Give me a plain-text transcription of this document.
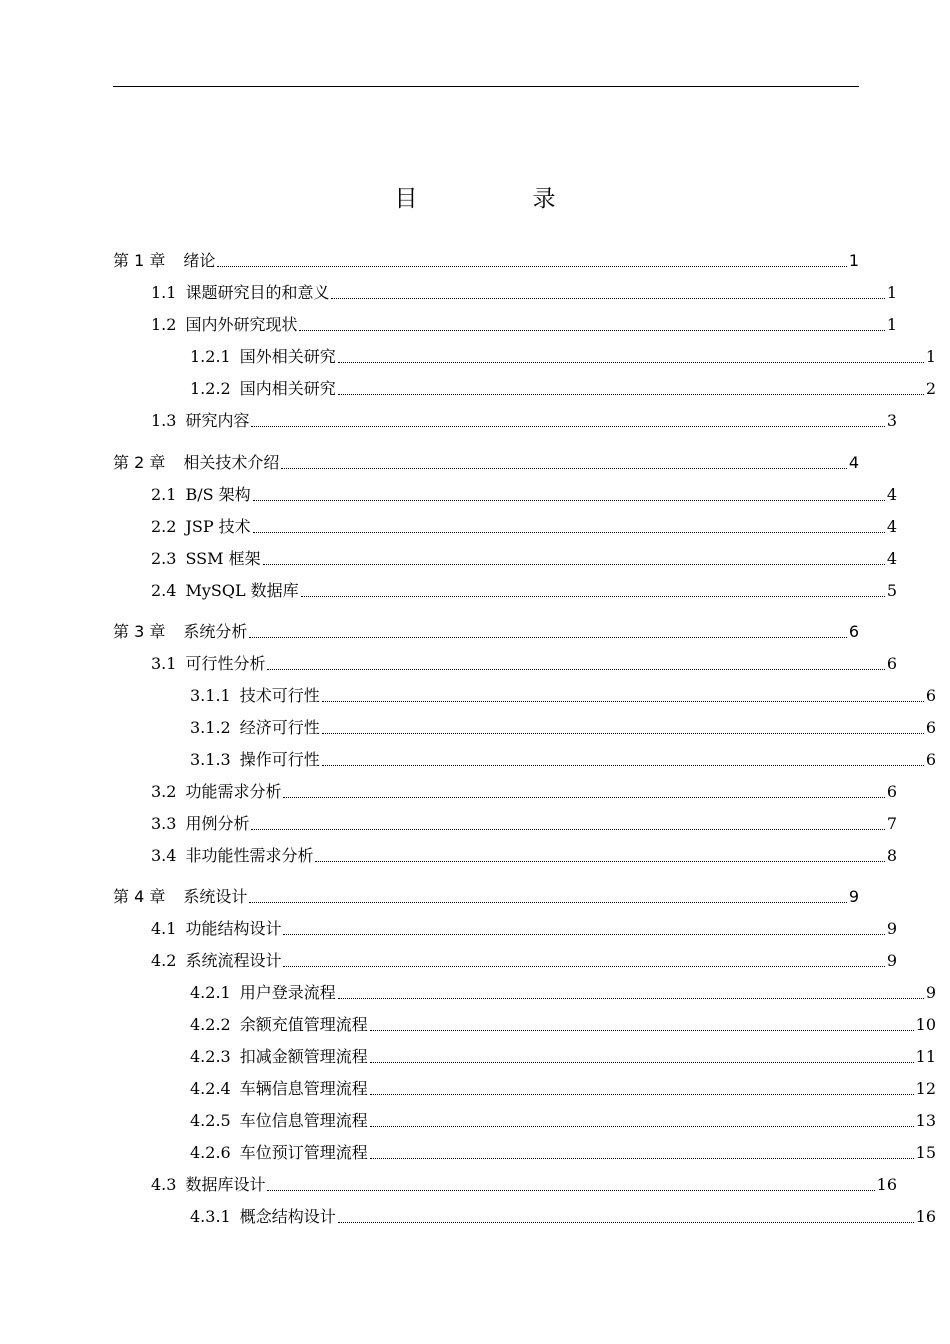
目　录
第 1 章 绪论	1
1.1 课题研究目的和意义	1
1.2 国内外研究现状	1
1.2.1 国外相关研究	1
1.2.2 国内相关研究	2
1.3 研究内容	3
第 2 章 相关技术介绍	4
2.1 B/S 架构	4
2.2 JSP 技术	4
2.3 SSM 框架	4
2.4 MySQL 数据库	5
第 3 章 系统分析	6
3.1 可行性分析	6
3.1.1 技术可行性	6
3.1.2 经济可行性	6
3.1.3 操作可行性	6
3.2 功能需求分析	6
3.3 用例分析	7
3.4 非功能性需求分析	8
第 4 章 系统设计	9
4.1 功能结构设计	9
4.2 系统流程设计	9
4.2.1 用户登录流程	9
4.2.2 余额充值管理流程	10
4.2.3 扣减金额管理流程	11
4.2.4 车辆信息管理流程	12
4.2.5 车位信息管理流程	13
4.2.6 车位预订管理流程	15
4.3 数据库设计	16
4.3.1 概念结构设计	16
